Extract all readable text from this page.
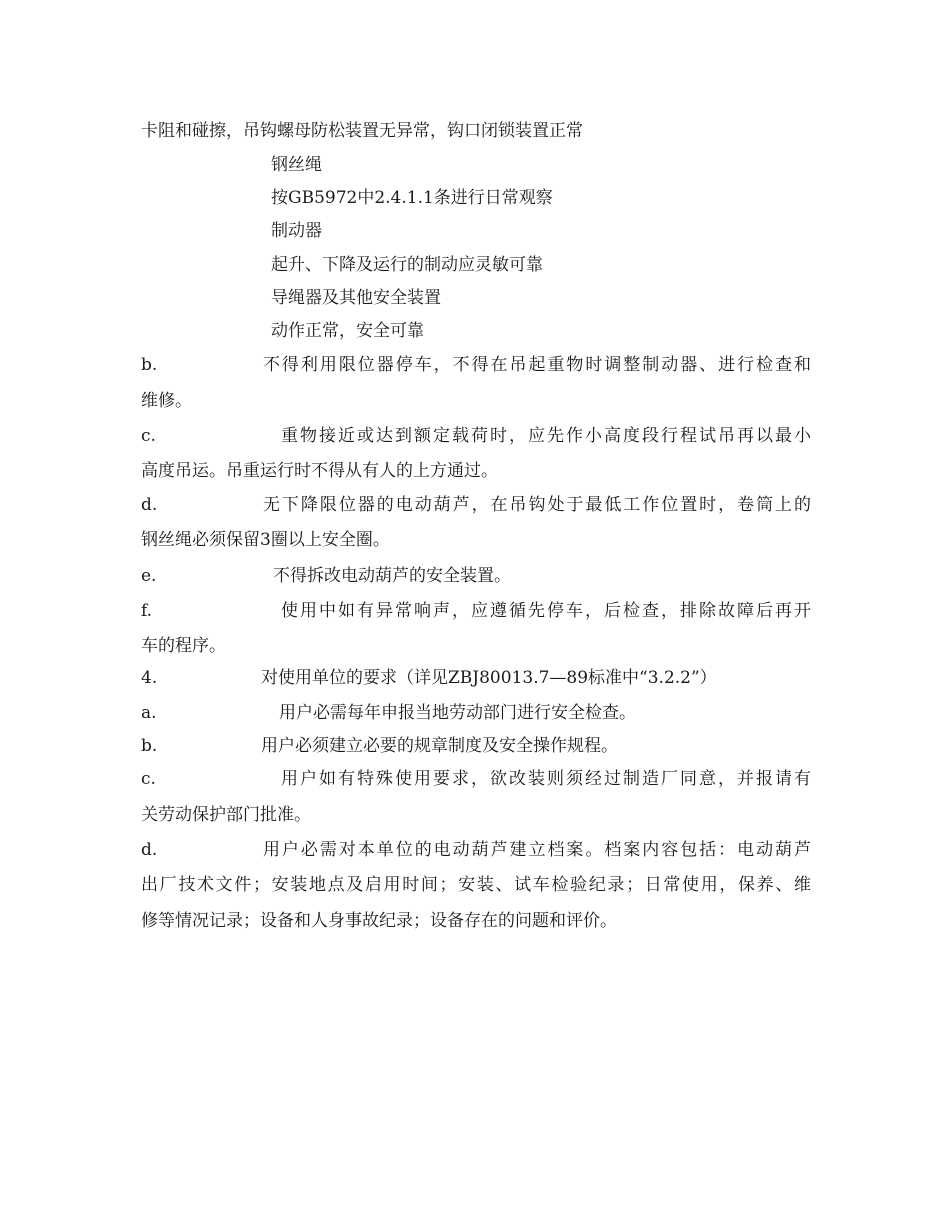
卡阻和碰擦，吊钩螺母防松装置无异常，钩口闭锁装置正常
钢丝绳
按GB5972中2.4.1.1条进行日常观察
制动器
起升、下降及运行的制动应灵敏可靠
导绳器及其他安全装置
动作正常，安全可靠
b.	不得利用限位器停车，不得在吊起重物时调整制动器、进行检查和
维修。
c.	重物接近或达到额定载荷时，应先作小高度段行程试吊再以最小
高度吊运。吊重运行时不得从有人的上方通过。
d.	无下降限位器的电动葫芦，在吊钩处于最低工作位置时，卷筒上的
钢丝绳必须保留3圈以上安全圈。
e.	不得拆改电动葫芦的安全装置。
f.	使用中如有异常响声，应遵循先停车，后检查，排除故障后再开
车的程序。
4.	对使用单位的要求（详见ZBJ80013.7—89标准中“3.2.2”）
a.	用户必需每年申报当地劳动部门进行安全检查。
b.	用户必须建立必要的规章制度及安全操作规程。
c.	用户如有特殊使用要求，欲改装则须经过制造厂同意，并报请有
关劳动保护部门批准。
d.	用户必需对本单位的电动葫芦建立档案。档案内容包括：电动葫芦
出厂技术文件；安装地点及启用时间；安装、试车检验纪录；日常使用，保养、维
修等情况记录；设备和人身事故纪录；设备存在的问题和评价。
